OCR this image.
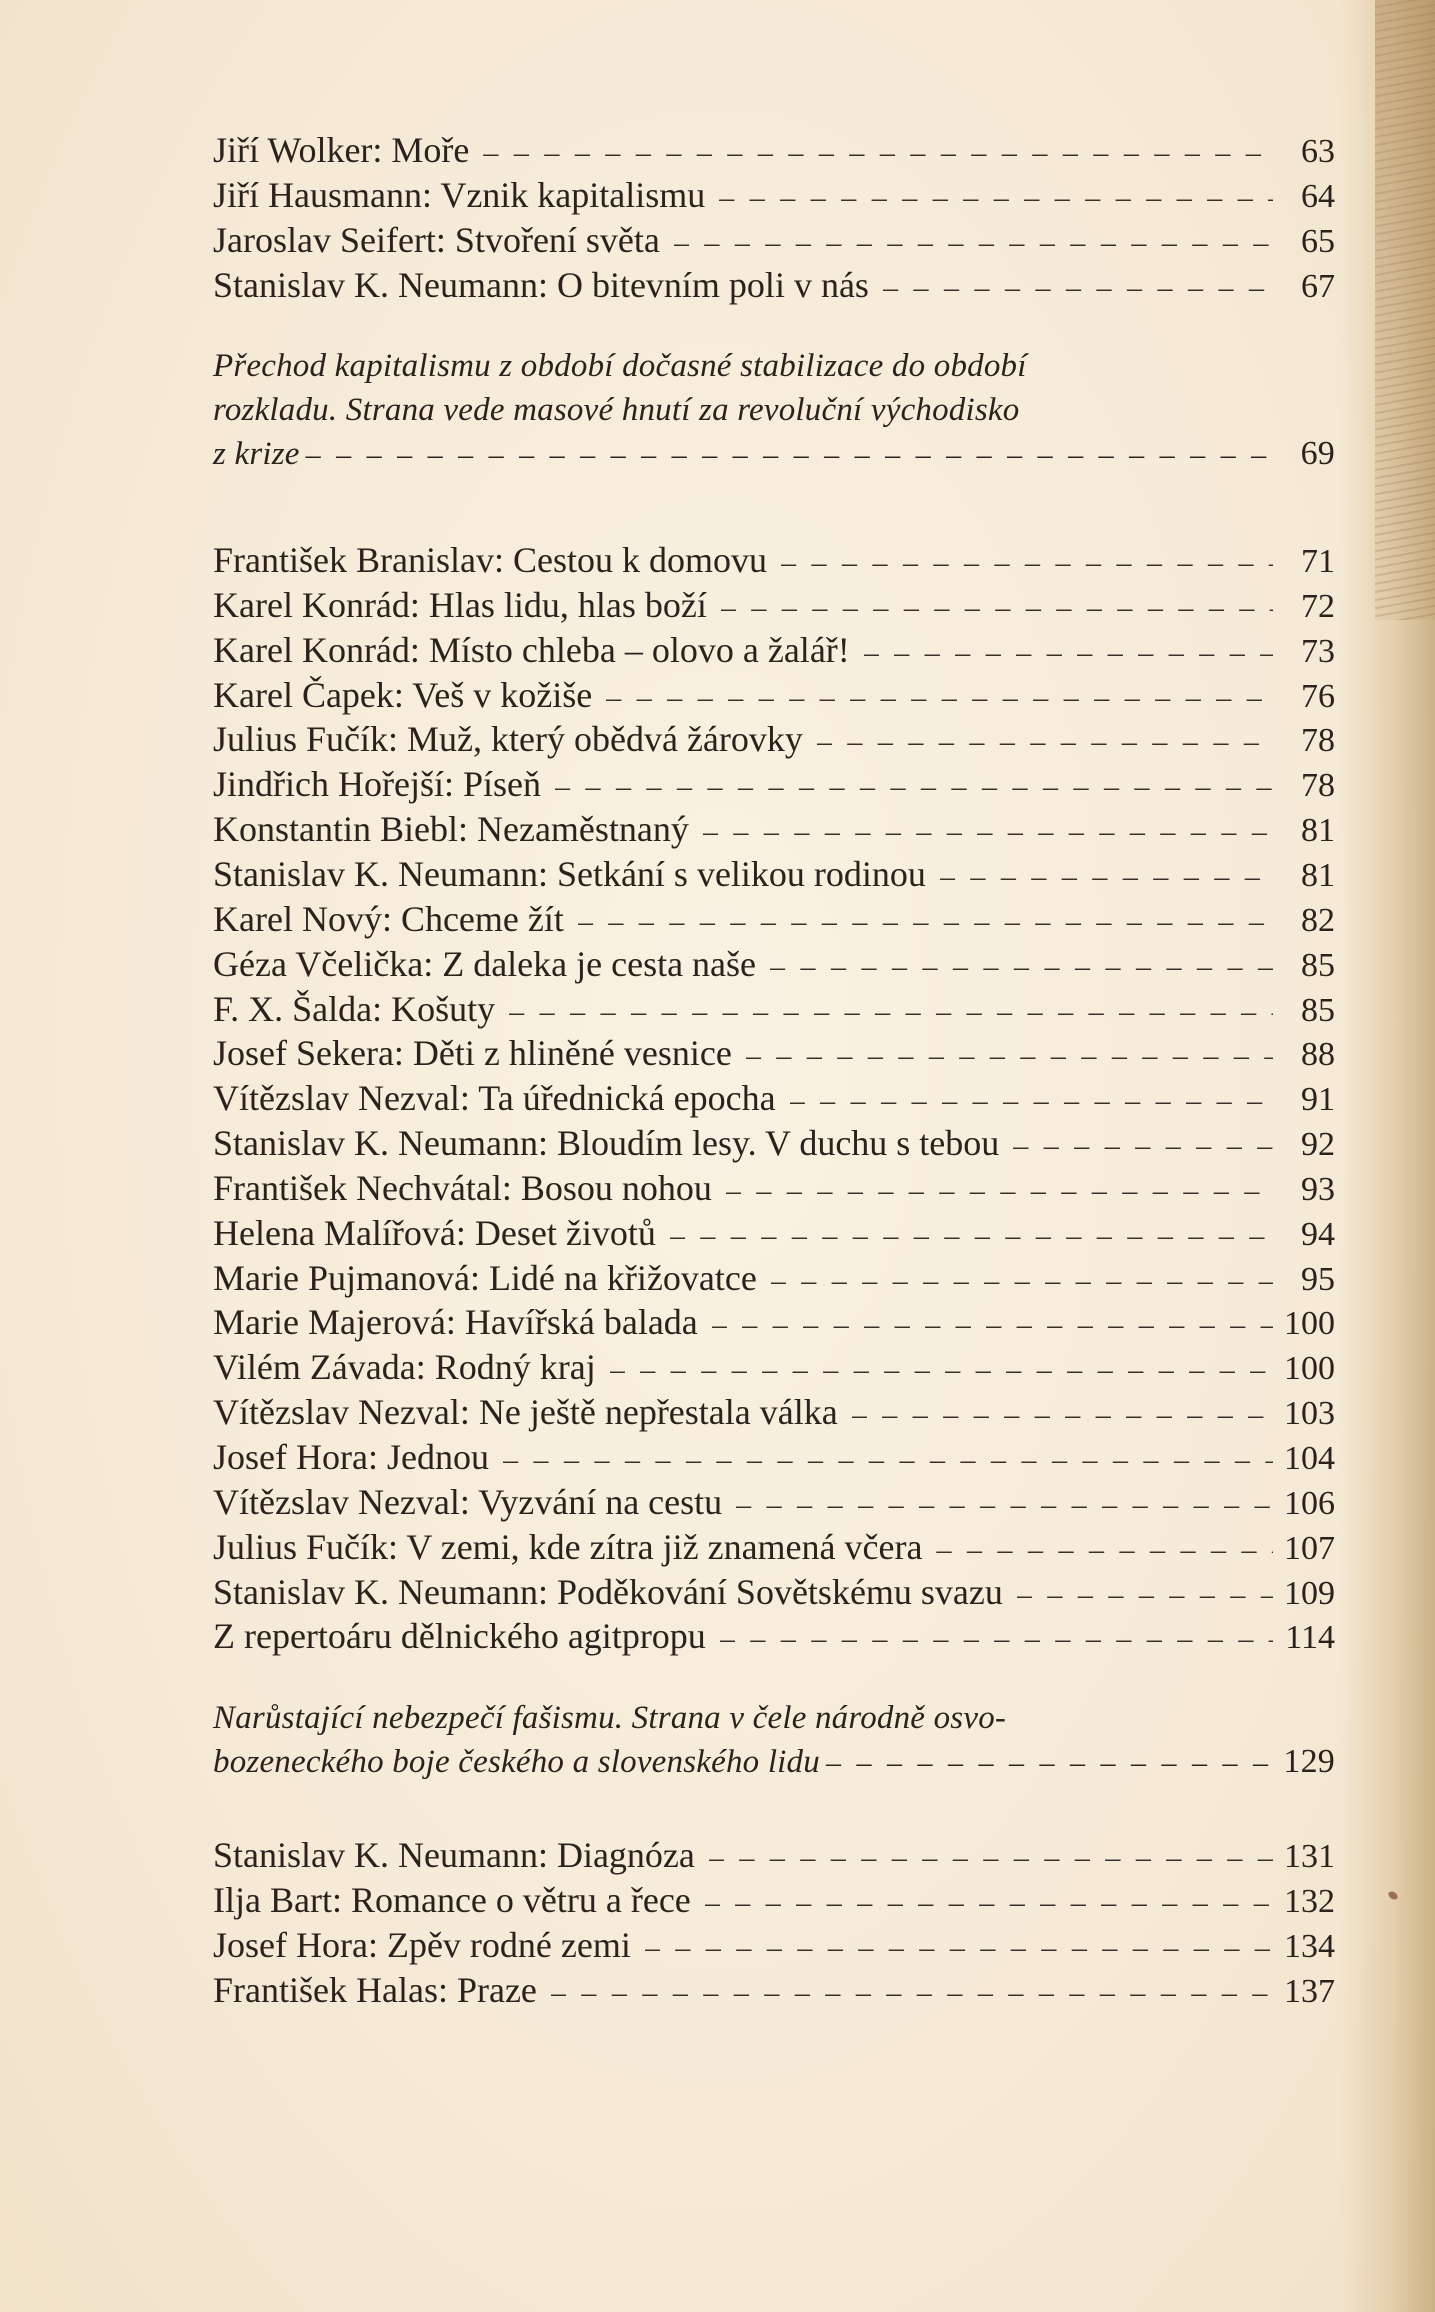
Jiří Wolker: Moře – – –	63
Jiří Hausmann: Vznik kapitalismu – – –	64
Jaroslav Seifert: Stvoření světa – – –	65
Stanislav K. Neumann: O bitevním poli v nás – – –	67
Přechod kapitalismu z období dočasné stabilizace do období
rozkladu. Strana vede masové hnutí za revoluční východisko
z krize – – –	69
František Branislav: Cestou k domovu – – –	71
Karel Konrád: Hlas lidu, hlas boží – – –	72
Karel Konrád: Místo chleba – olovo a žalář! – – –	73
Karel Čapek: Veš v kožiše – – –	76
Julius Fučík: Muž, který obědvá žárovky – – –	78
Jindřich Hořejší: Píseň – – –	78
Konstantin Biebl: Nezaměstnaný – – –	81
Stanislav K. Neumann: Setkání s velikou rodinou – – –	81
Karel Nový: Chceme žít – – –	82
Géza Včelička: Z daleka je cesta naše – – –	85
F. X. Šalda: Košuty – – –	85
Josef Sekera: Děti z hliněné vesnice – – –	88
Vítězslav Nezval: Ta úřednická epocha – – –	91
Stanislav K. Neumann: Bloudím lesy. V duchu s tebou – – –	92
František Nechvátal: Bosou nohou – – –	93
Helena Malířová: Deset životů – – –	94
Marie Pujmanová: Lidé na křižovatce – – –	95
Marie Majerová: Havířská balada – – –	100
Vilém Závada: Rodný kraj – – –	100
Vítězslav Nezval: Ne ještě nepřestala válka – – –	103
Josef Hora: Jednou – – –	104
Vítězslav Nezval: Vyzvání na cestu – – –	106
Julius Fučík: V zemi, kde zítra již znamená včera – – –	107
Stanislav K. Neumann: Poděkování Sovětskému svazu – – –	109
Z repertoáru dělnického agitpropu – – –	114
Narůstající nebezpečí fašismu. Strana v čele národně osvo-
bozeneckého boje českého a slovenského lidu – – –	129
Stanislav K. Neumann: Diagnóza – – –	131
Ilja Bart: Romance o větru a řece – – –	132
Josef Hora: Zpěv rodné zemi – – –	134
František Halas: Praze – – –	137
